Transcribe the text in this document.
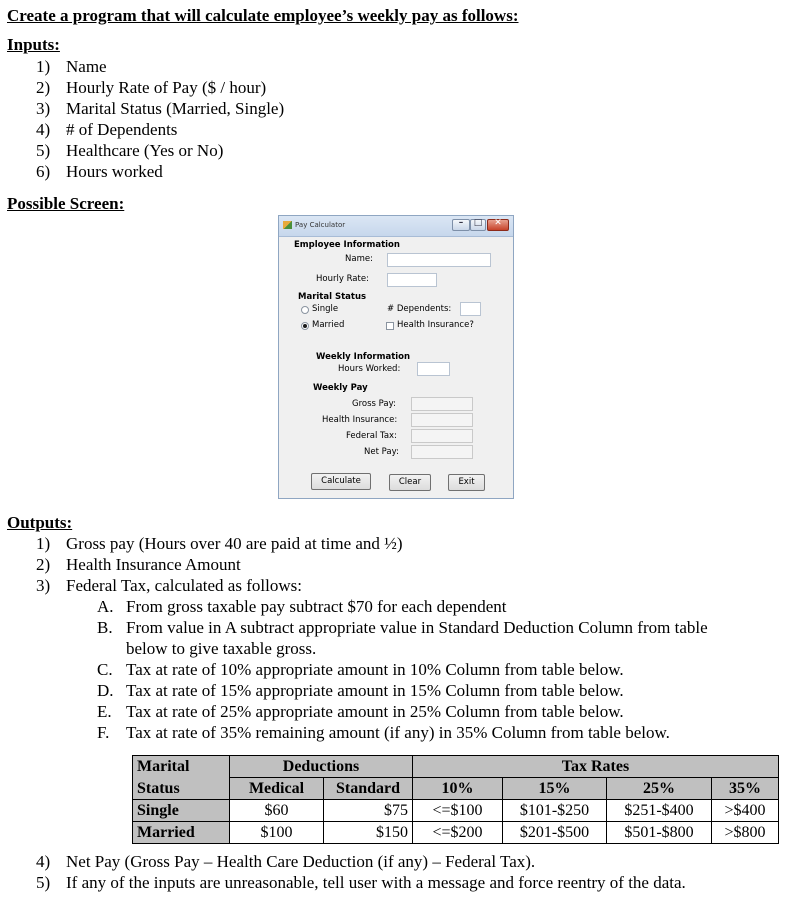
Create a program that will calculate employee’s weekly pay as follows:
Inputs:
1) Name
2) Hourly Rate of Pay ($ / hour)
3) Marital Status (Married, Single)
4) # of Dependents
5) Healthcare (Yes or No)
6) Hours worked
Possible Screen:
Pay Calculator	–	□	✕
Employee Information
Name:
Hourly Rate:
Marital Status
Single
Married
# Dependents:
Health Insurance?
Weekly Information
Hours Worked:
Weekly Pay
Gross Pay:
Health Insurance:
Federal Tax:
Net Pay:
Calculate	Clear	Exit
Outputs:
1) Gross pay (Hours over 40 are paid at time and ½)
2) Health Insurance Amount
3) Federal Tax, calculated as follows:
A. From gross taxable pay subtract $70 for each dependent
B. From value in A subtract appropriate value in Standard Deduction Column from table
below to give taxable gross.
C. Tax at rate of 10% appropriate amount in 10% Column from table below.
D. Tax at rate of 15% appropriate amount in 15% Column from table below.
E. Tax at rate of 25% appropriate amount in 25% Column from table below.
F. Tax at rate of 35% remaining amount (if any) in 35% Column from table below.
Marital	Deductions		Tax Rates			
Status	Medical	Standard	10%	15%	25%	35%
Single	$60	$75	<=$100	$101-$250	$251-$400	>$400
Married	$100	$150	<=$200	$201-$500	$501-$800	>$800
4) Net Pay (Gross Pay – Health Care Deduction (if any) – Federal Tax).
5) If any of the inputs are unreasonable, tell user with a message and force reentry of the data.
